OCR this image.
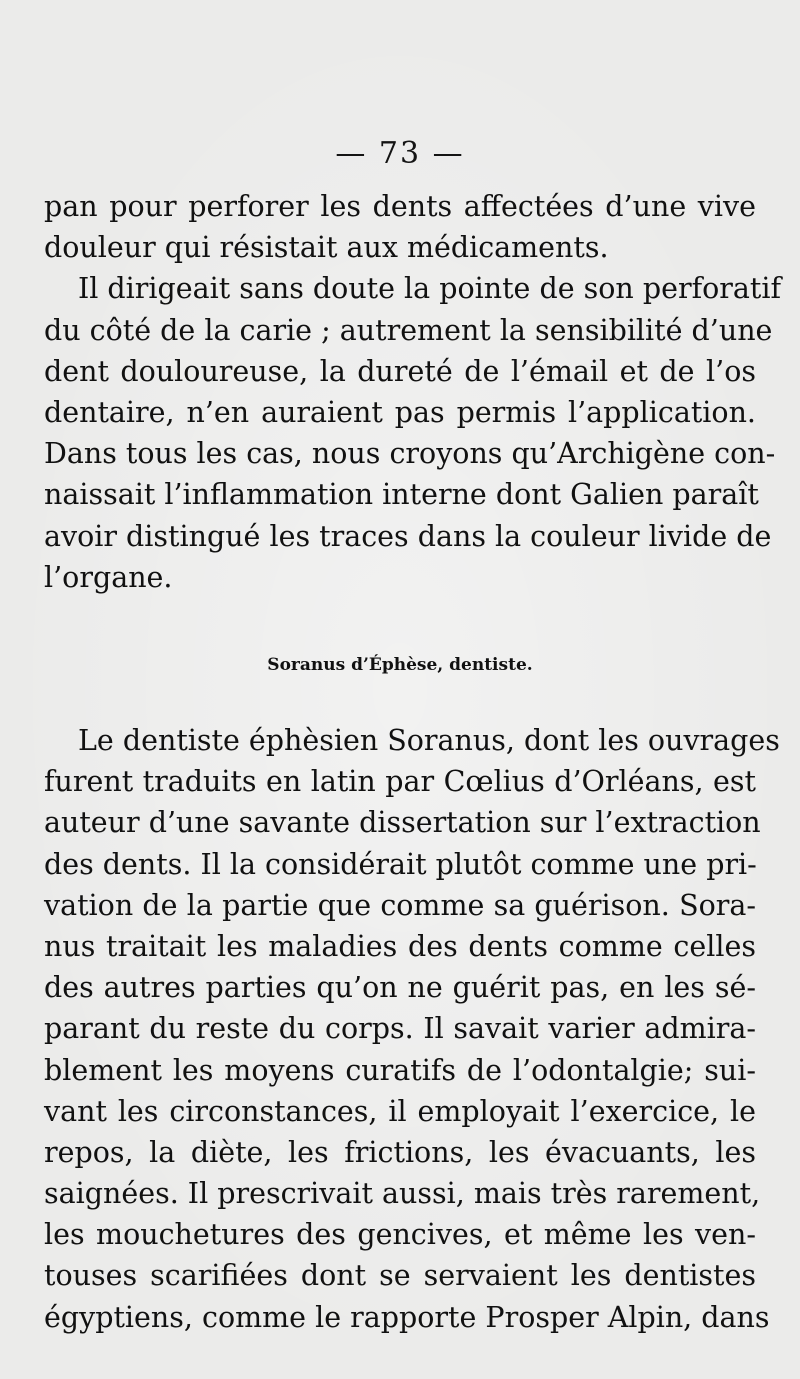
— 73 —
pan pour perforer les dents affectées d’une vive
douleur qui résistait aux médicaments.
Il dirigeait sans doute la pointe de son perforatif
du côté de la carie ; autrement la sensibilité d’une
dent douloureuse, la dureté de l’émail et de l’os
dentaire, n’en auraient pas permis l’application.
Dans tous les cas, nous croyons qu’Archigène con-
naissait l’inflammation interne dont Galien paraît
avoir distingué les traces dans la couleur livide de
l’organe.
Soranus d’Éphèse, dentiste.
Le dentiste éphèsien Soranus, dont les ouvrages
furent traduits en latin par Cœlius d’Orléans, est
auteur d’une savante dissertation sur l’extraction
des dents. Il la considérait plutôt comme une pri-
vation de la partie que comme sa guérison. Sora-
nus traitait les maladies des dents comme celles
des autres parties qu’on ne guérit pas, en les sé-
parant du reste du corps. Il savait varier admira-
blement les moyens curatifs de l’odontalgie; sui-
vant les circonstances, il employait l’exercice, le
repos, la diète, les frictions, les évacuants, les
saignées. Il prescrivait aussi, mais très rarement,
les mouchetures des gencives, et même les ven-
touses scarifiées dont se servaient les dentistes
égyptiens, comme le rapporte Prosper Alpin, dans
